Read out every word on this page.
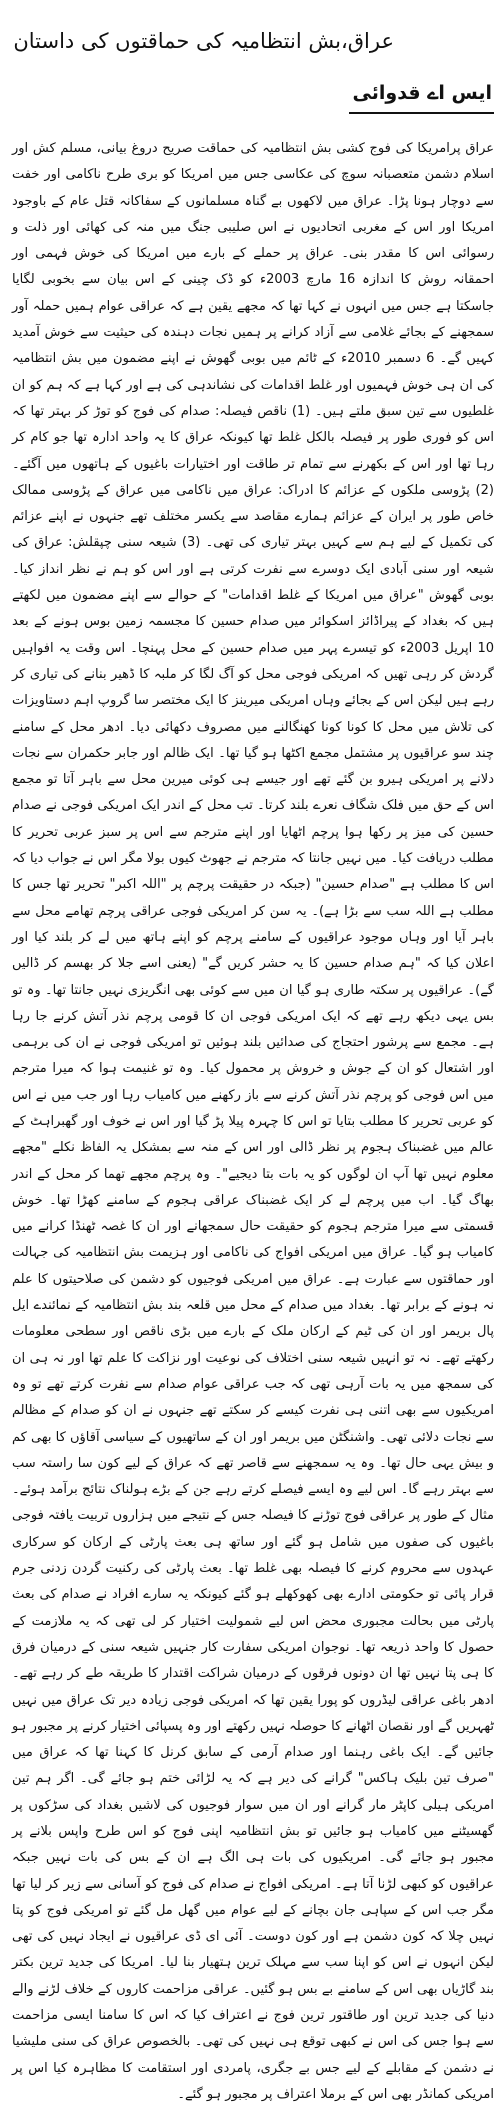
عراق،بش انتظامیہ کی حماقتوں کی داستان
ایس اے قدوائی

عراق پرامریکا کی فوج کشی بش انتظامیہ کی حماقت صریح دروغ بیانی، مسلم کش اور اسلام دشمن متعصبانہ سوچ کی عکاسی جس میں امریکا کو بری طرح ناکامی اور خفت سے دوچار ہونا پڑا۔ عراق میں لاکھوں بے گناہ مسلمانوں کے سفاکانہ قتل عام کے باوجود امریکا اور اس کے مغربی اتحادیوں نے اس صلیبی جنگ میں منہ کی کھائی اور ذلت و رسوائی اس کا مقدر بنی۔ عراق پر حملے کے بارے میں امریکا کی خوش فہمی اور احمقانہ روش کا اندازہ 16 مارچ 2003ء کو ڈک چینی کے اس بیان سے بخوبی لگایا جاسکتا ہے جس میں انہوں نے کہا تھا کہ مجھے یقین ہے کہ عراقی عوام ہمیں حملہ آور سمجھنے کے بجائے غلامی سے آزاد کرانے پر ہمیں نجات دہندہ کی حیثیت سے خوش آمدید کہیں گے۔ 6 دسمبر 2010ء کے ٹائم میں بوبی گھوش نے اپنے مضمون میں بش انتظامیہ کی ان ہی خوش فہمیوں اور غلط اقدامات کی نشاندہی کی ہے اور کہا ہے کہ ہم کو ان غلطیوں سے تین سبق ملتے ہیں۔ (1) ناقص فیصلہ: صدام کی فوج کو توڑ کر بہتر تھا کہ اس کو فوری طور پر فیصلہ بالکل غلط تھا کیونکہ عراق کا یہ واحد ادارہ تھا جو کام کر رہا تھا اور اس کے بکھرنے سے تمام تر طاقت اور اختیارات باغیوں کے ہاتھوں میں آگئے۔ (2) پڑوسی ملکوں کے عزائم کا ادراک: عراق میں ناکامی میں عراق کے پڑوسی ممالک خاص طور پر ایران کے عزائم ہمارے مقاصد سے یکسر مختلف تھے جنہوں نے اپنے عزائم کی تکمیل کے لیے ہم سے کہیں بہتر تیاری کی تھی۔ (3) شیعہ سنی چپقلش: عراق کی شیعہ اور سنی آبادی ایک دوسرے سے نفرت کرتی ہے اور اس کو ہم نے نظر انداز کیا۔ بوبی گھوش "عراق میں امریکا کے غلط اقدامات" کے حوالے سے اپنے مضمون میں لکھتے ہیں کہ بغداد کے پیراڈائز اسکوائر میں صدام حسین کا مجسمہ زمین بوس ہونے کے بعد 10 اپریل 2003ء کو تیسرے پہر میں صدام حسین کے محل پہنچا۔ اس وقت یہ افواہیں گردش کر رہی تھیں کہ امریکی فوجی محل کو آگ لگا کر ملبہ کا ڈھیر بنانے کی تیاری کر رہے ہیں لیکن اس کے بجائے وہاں امریکی میرینز کا ایک مختصر سا گروپ اہم دستاویزات کی تلاش میں محل کا کونا کونا کھنگالنے میں مصروف دکھائی دیا۔ ادھر محل کے سامنے چند سو عراقیوں پر مشتمل مجمع اکٹھا ہو گیا تھا۔ ایک ظالم اور جابر حکمران سے نجات دلانے پر امریکی ہیرو بن گئے تھے اور جیسے ہی کوئی میرین محل سے باہر آتا تو مجمع اس کے حق میں فلک شگاف نعرے بلند کرتا۔ تب محل کے اندر ایک امریکی فوجی نے صدام حسین کی میز پر رکھا ہوا پرچم اٹھایا اور اپنے مترجم سے اس پر سبز عربی تحریر کا مطلب دریافت کیا۔ میں نہیں جانتا کہ مترجم نے جھوٹ کیوں بولا مگر اس نے جواب دیا کہ اس کا مطلب ہے "صدام حسین" (جبکہ در حقیقت پرچم پر "اللہ اکبر" تحریر تھا جس کا مطلب ہے اللہ سب سے بڑا ہے)۔ یہ سن کر امریکی فوجی عراقی پرچم تھامے محل سے باہر آیا اور وہاں موجود عراقیوں کے سامنے پرچم کو اپنے ہاتھ میں لے کر بلند کیا اور اعلان کیا کہ "ہم صدام حسین کا یہ حشر کریں گے" (یعنی اسے جلا کر بھسم کر ڈالیں گے)۔ عراقیوں پر سکتہ طاری ہو گیا ان میں سے کوئی بھی انگریزی نہیں جانتا تھا۔ وہ تو بس یہی دیکھ رہے تھے کہ ایک امریکی فوجی ان کا قومی پرچم نذر آتش کرنے جا رہا ہے۔ مجمع سے پرشور احتجاج کی صدائیں بلند ہوئیں تو امریکی فوجی نے ان کی برہمی اور اشتعال کو ان کے جوش و خروش پر محمول کیا۔ وہ تو غنیمت ہوا کہ میرا مترجم میں اس فوجی کو پرچم نذر آتش کرنے سے باز رکھنے میں کامیاب رہا اور جب میں نے اس کو عربی تحریر کا مطلب بتایا تو اس کا چہرہ پیلا پڑ گیا اور اس نے خوف اور گھبراہٹ کے عالم میں غضبناک ہجوم پر نظر ڈالی اور اس کے منہ سے بمشکل یہ الفاظ نکلے "مجھے معلوم نہیں تھا آپ ان لوگوں کو یہ بات بتا دیجیے"۔ وہ پرچم مجھے تھما کر محل کے اندر بھاگ گیا۔ اب میں پرچم لے کر ایک غضبناک عراقی ہجوم کے سامنے کھڑا تھا۔ خوش قسمتی سے میرا مترجم ہجوم کو حقیقت حال سمجھانے اور ان کا غصہ ٹھنڈا کرانے میں کامیاب ہو گیا۔ عراق میں امریکی افواج کی ناکامی اور ہزیمت بش انتظامیہ کی جہالت اور حماقتوں سے عبارت ہے۔ عراق میں امریکی فوجیوں کو دشمن کی صلاحیتوں کا علم نہ ہونے کے برابر تھا۔ بغداد میں صدام کے محل میں قلعہ بند بش انتظامیہ کے نمائندے ایل پال بریمر اور ان کی ٹیم کے ارکان ملک کے بارے میں بڑی ناقص اور سطحی معلومات رکھتے تھے۔ نہ تو انہیں شیعہ سنی اختلاف کی نوعیت اور نزاکت کا علم تھا اور نہ ہی ان کی سمجھ میں یہ بات آرہی تھی کہ جب عراقی عوام صدام سے نفرت کرتے تھے تو وہ امریکیوں سے بھی اتنی ہی نفرت کیسے کر سکتے تھے جنہوں نے ان کو صدام کے مظالم سے نجات دلائی تھی۔ واشنگٹن میں بریمر اور ان کے ساتھیوں کے سیاسی آقاؤں کا بھی کم و بیش یہی حال تھا۔ وہ یہ سمجھنے سے قاصر تھے کہ عراق کے لیے کون سا راستہ سب سے بہتر رہے گا۔ اس لیے وہ ایسے فیصلے کرتے رہے جن کے بڑے ہولناک نتائج برآمد ہوئے۔ مثال کے طور پر عراقی فوج توڑنے کا فیصلہ جس کے نتیجے میں ہزاروں تربیت یافتہ فوجی باغیوں کی صفوں میں شامل ہو گئے اور ساتھ ہی بعث پارٹی کے ارکان کو سرکاری عہدوں سے محروم کرنے کا فیصلہ بھی غلط تھا۔ بعث پارٹی کی رکنیت گردن زدنی جرم قرار پائی تو حکومتی ادارے بھی کھوکھلے ہو گئے کیونکہ یہ سارے افراد نے صدام کی بعث پارٹی میں بحالت مجبوری محض اس لیے شمولیت اختیار کر لی تھی کہ یہ ملازمت کے حصول کا واحد ذریعہ تھا۔ نوجوان امریکی سفارت کار جنہیں شیعہ سنی کے درمیان فرق کا ہی پتا نہیں تھا ان دونوں فرقوں کے درمیان شراکت اقتدار کا طریقہ طے کر رہے تھے۔ ادھر باغی عراقی لیڈروں کو پورا یقین تھا کہ امریکی فوجی زیادہ دیر تک عراق میں نہیں ٹھہریں گے اور نقصان اٹھانے کا حوصلہ نہیں رکھتے اور وہ پسپائی اختیار کرنے پر مجبور ہو جائیں گے۔ ایک باغی رہنما اور صدام آرمی کے سابق کرنل کا کہنا تھا کہ عراق میں "صرف تین بلیک ہاکس" گرانے کی دیر ہے کہ یہ لڑائی ختم ہو جائے گی۔ اگر ہم تین امریکی ہیلی کاپٹر مار گرانے اور ان میں سوار فوجیوں کی لاشیں بغداد کی سڑکوں پر گھسیٹنے میں کامیاب ہو جائیں تو بش انتظامیہ اپنی فوج کو اس طرح واپس بلانے پر مجبور ہو جائے گی۔ امریکیوں کی بات ہی الگ ہے ان کے بس کی بات نہیں جبکہ عراقیوں کو کبھی لڑنا آتا ہے۔ امریکی افواج نے صدام کی فوج کو آسانی سے زیر کر لیا تھا مگر جب اس کے سپاہی جان بچانے کے لیے عوام میں گھل مل گئے تو امریکی فوج کو پتا نہیں چلا کہ کون دشمن ہے اور کون دوست۔ آئی ای ڈی عراقیوں نے ایجاد نہیں کی تھی لیکن انہوں نے اس کو اپنا سب سے مہلک ترین ہتھیار بنا لیا۔ امریکا کی جدید ترین بکتر بند گاڑیاں بھی اس کے سامنے بے بس ہو گئیں۔ عراقی مزاحمت کاروں کے خلاف لڑنے والے دنیا کی جدید ترین اور طاقتور ترین فوج نے اعتراف کیا کہ اس کا سامنا ایسی مزاحمت سے ہوا جس کی اس نے کبھی توقع ہی نہیں کی تھی۔ بالخصوص عراق کی سنی ملیشیا نے دشمن کے مقابلے کے لیے جس بے جگری، پامردی اور استقامت کا مظاہرہ کیا اس پر امریکی کمانڈر بھی اس کے برملا اعتراف پر مجبور ہو گئے۔
